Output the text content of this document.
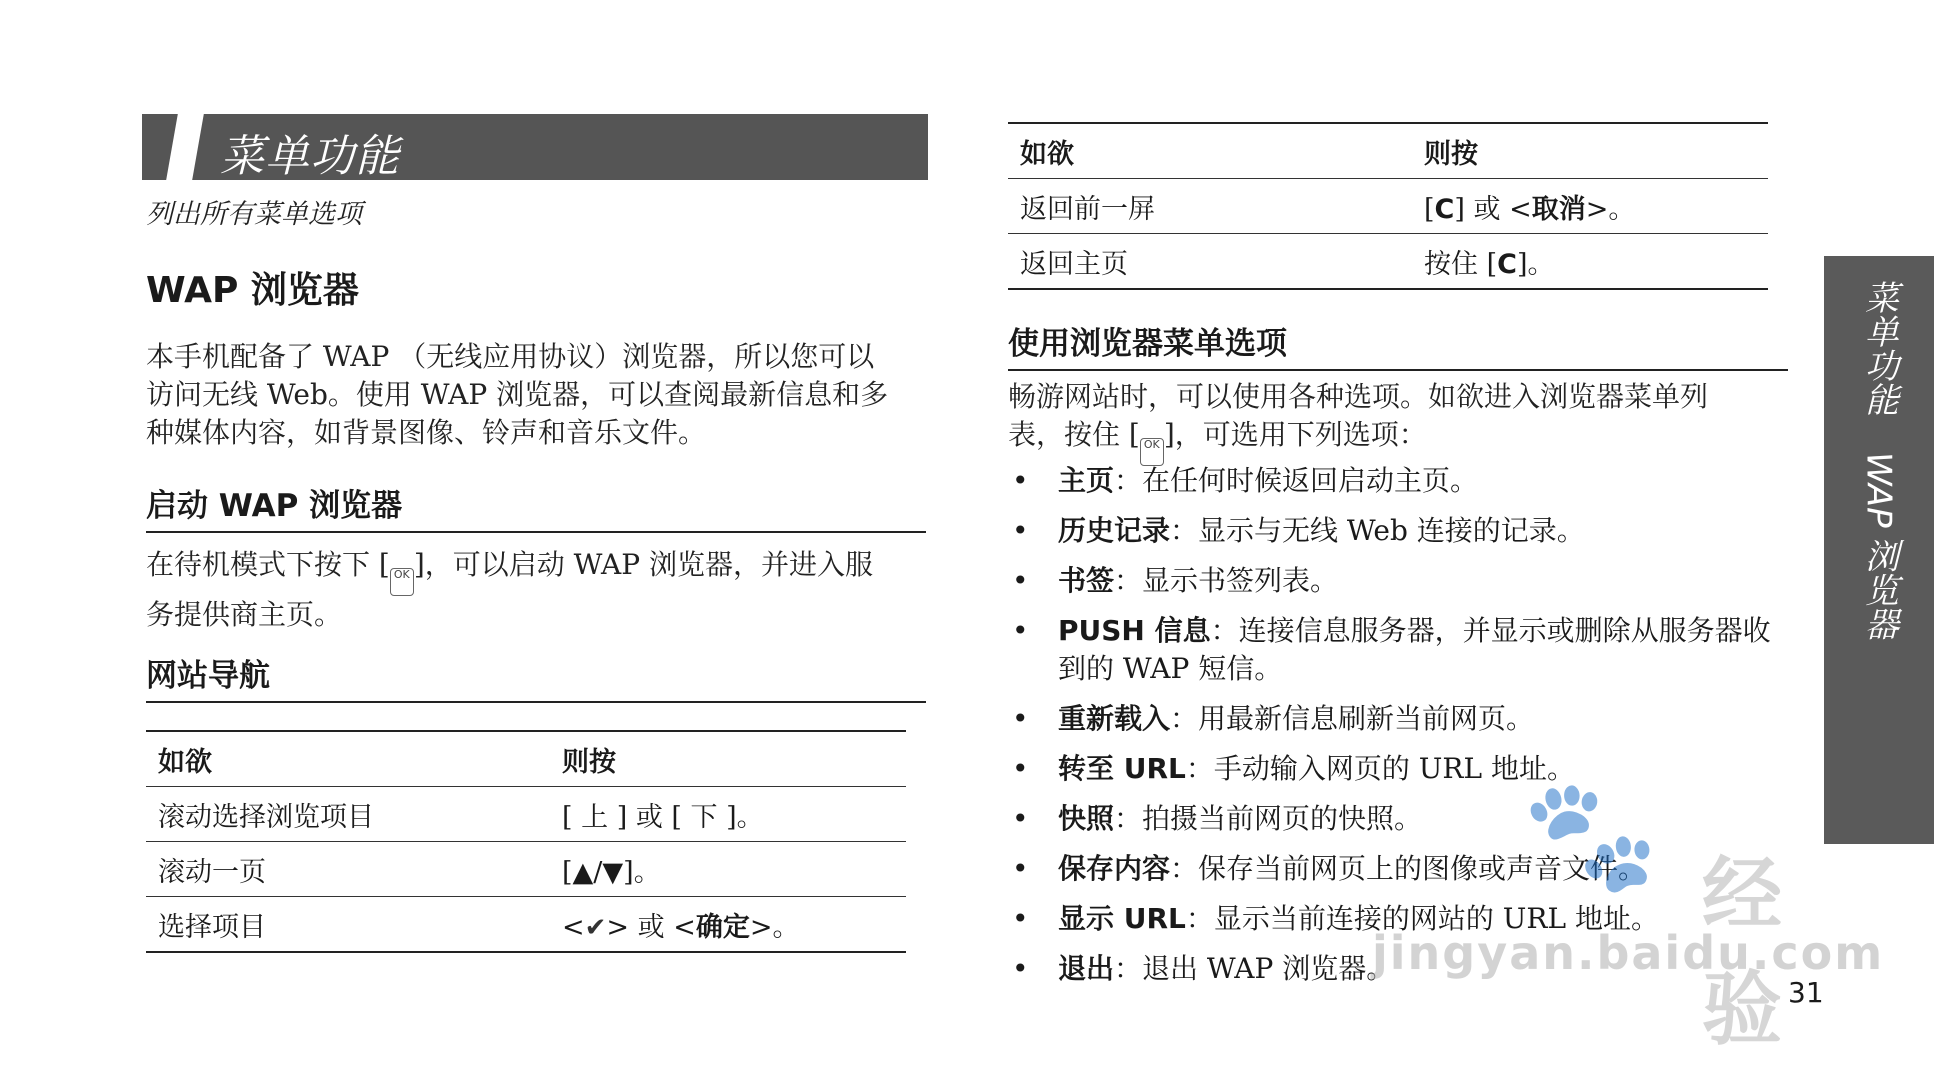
菜单功能
列出所有菜单选项
WAP 浏览器
本手机配备了 WAP （无线应用协议）浏览器，所以您可以
访问无线 Web。使用 WAP 浏览器，可以查阅最新信息和多
种媒体内容，如背景图像、铃声和音乐文件。
启动 WAP 浏览器
在待机模式下按下 [ OK ]，可以启动 WAP 浏览器，并进入服
务提供商主页。
网站导航
如欲	则按
滚动选择浏览项目	[ 上 ] 或 [ 下 ]。
滚动一页	[▲/▼]。
选择项目	<✔> 或 <确定>。
如欲	则按
返回前一屏	[C] 或 <取消>。
返回主页	按住 [C]。
使用浏览器菜单选项
畅游网站时，可以使用各种选项。如欲进入浏览器菜单列
表，按住 [ OK ]，可选用下列选项：
• 主页：在任何时候返回启动主页。
• 历史记录：显示与无线 Web 连接的记录。
• 书签：显示书签列表。
• PUSH 信息：连接信息服务器，并显示或删除从服务器收到的 WAP 短信。
• 重新载入：用最新信息刷新当前网页。
• 转至 URL：手动输入网页的 URL 地址。
• 快照：拍摄当前网页的快照。
• 保存内容：保存当前网页上的图像或声音文件。
• 显示 URL：显示当前连接的网站的 URL 地址。
• 退出：退出 WAP 浏览器。
菜单功能
WAP 浏览器
🐾 经验
jingyan.baidu.com
31
